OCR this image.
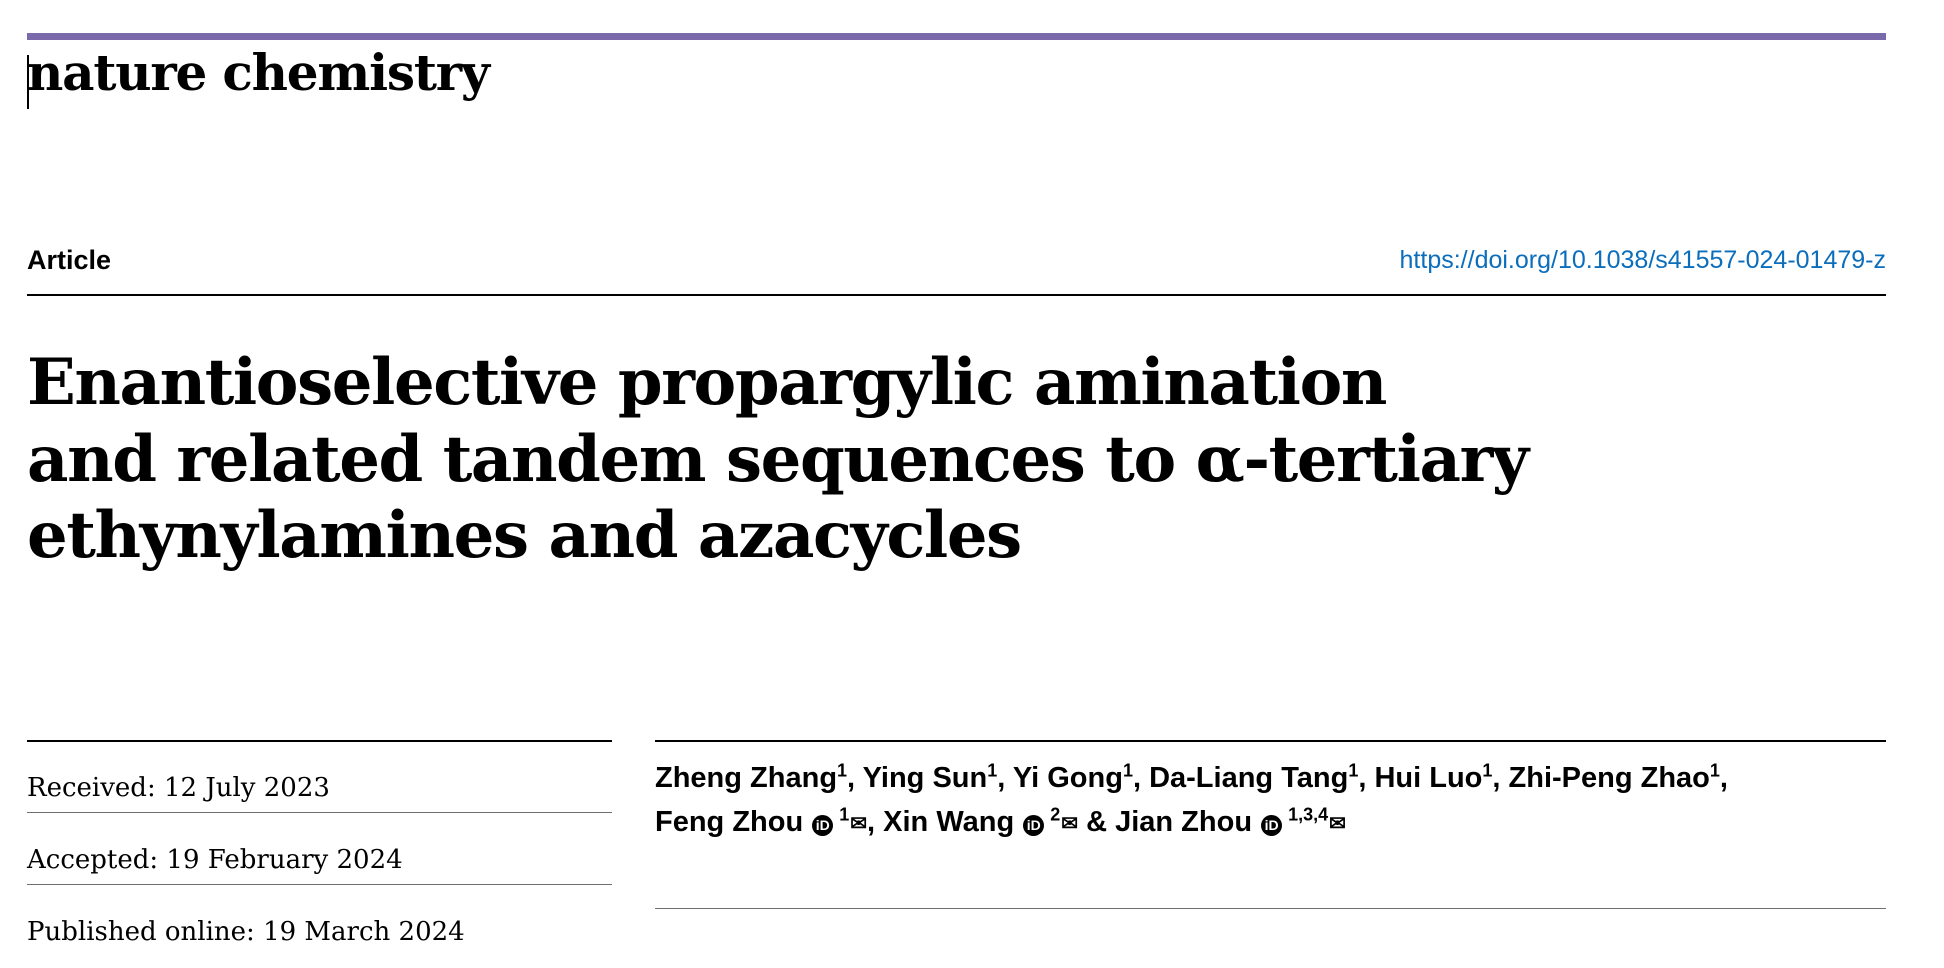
nature chemistry
Article	https://doi.org/10.1038/s41557-024-01479-z
Enantioselective propargylic amination
and related tandem sequences to α-tertiary
ethynylamines and azacycles
Received: 12 July 2023
Accepted: 19 February 2024
Published online: 19 March 2024
Zheng Zhang$^1$, Ying Sun$^1$, Yi Gong$^1$, Da-Liang Tang$^1$, Hui Luo$^1$, Zhi-Peng Zhao$^1$,
Feng Zhou iD $^1$✉, Xin Wang iD $^2$✉ & Jian Zhou iD $^{1,3,4}$✉
